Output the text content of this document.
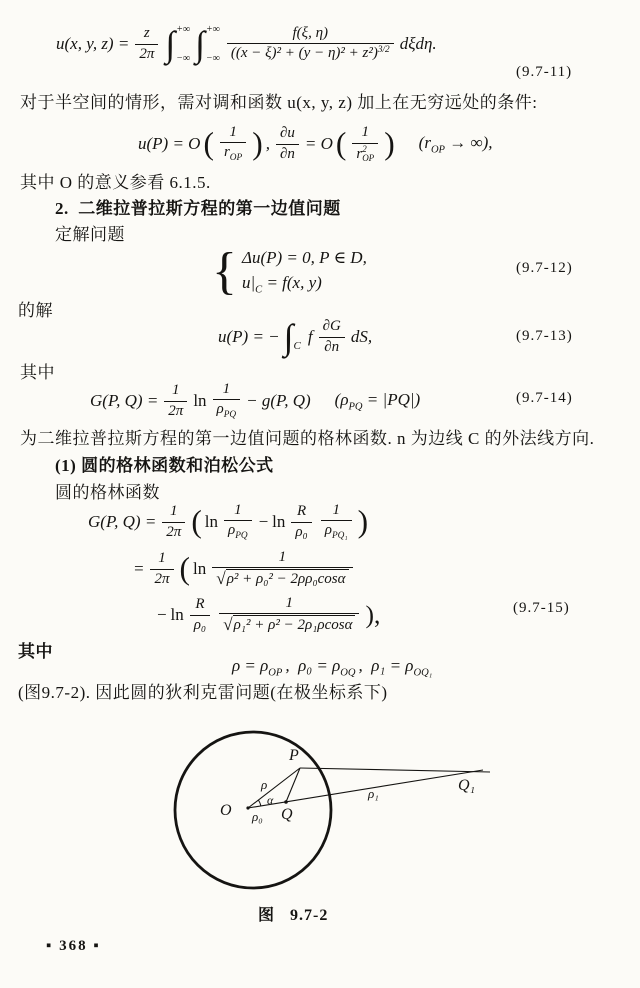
u(x, y, $z) = \frac{z}{2\pi}$ ∫ +∞
−∞ ∫ +∞
−∞ $\frac{f(\xi, \eta)}{((x - \xi)^2 + (y - \eta)^2 + z^2)^{3/2}} d\xi d\eta$.
(9.7-11)
对于半空间的情形，需对调和函数 u(x, y, z) 加上在无穷远处的条件:
u(P) = O ( $\frac{1}{r_{OP}}$ ) , $\frac{\partial u}{\partial n} = O$ ( 1
r 2
OP ) ($r_{OP}$ → ∞),
其中 O 的意义参看 6.1.5.
2.  二维拉普拉斯方程的第一边值问题
定解问题
{ Δu(P) = 0, P ∈ D,
$u|_C = f(x$, y)
(9.7-12)
的解
u(P) = − ∫ C
f $\frac{\partial G}{\partial n}$ dS,	(9.7-13)
其中
G(P, $Q) = \frac{1}{2\pi}$ $\ln \frac{1}{\rho_{PQ}} - g(P$, Q) $(\rho_{PQ} = |PQ|)$	(9.7-14)
为二维拉普拉斯方程的第一边值问题的格林函数. n 为边线 C 的外法线方向.
(1) 圆的格林函数和泊松公式
圆的格林函数
G(P, $Q) = \frac{1}{2\pi}$ ( $\ln \frac{1}{\rho_{PQ}} - \ln \frac{R}{\text{ρ₀}} \frac{1}{\rho_{PQ_1}}$ )
= $\frac{1}{2\pi}$ ( $\ln \frac{1}{\text{√ ρ² + ρ₀² − 2ρρ₀cosα}}$
− $\ln \frac{R}{\text{ρ₀}} \frac{1}{\text{√ ρ₁² + ρ² − 2ρ₁ρcosα}}$ ),	(9.7-15)
其中
$\rho = \rho_{OP}$ ,  $\rho_0 = \rho_{OQ}$ ,  $\rho_1 = \rho_{OQ_1}$
(图9.7-2). 因此圆的狄利克雷问题(在极坐标系下)
O
P
Q
Q₁
ρ
α
ρ₀
ρ₁
图   9.7-2
▪ 368 ▪
